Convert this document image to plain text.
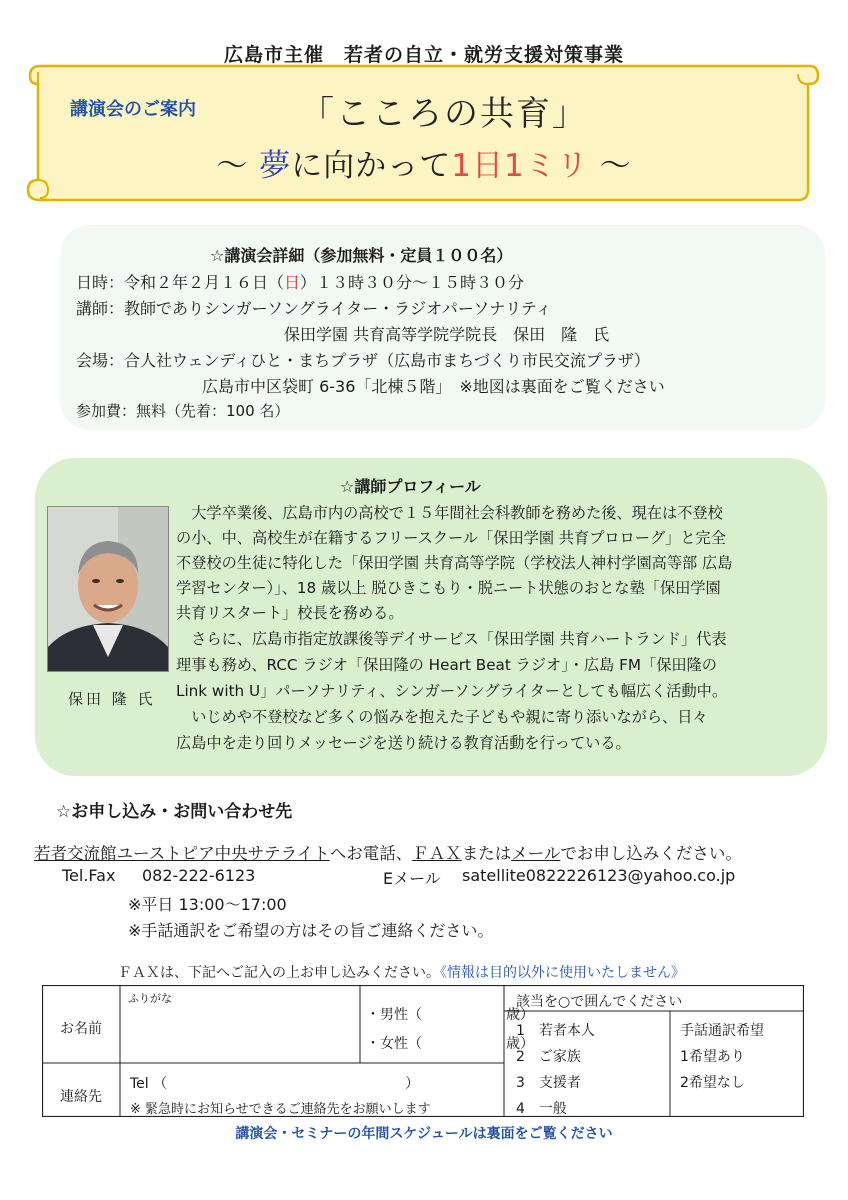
広島市主催　若者の自立・就労支援対策事業
講演会のご案内	「こころの共育」
〜 夢に向かって1日1ミリ 〜
☆講演会詳細（参加無料・定員１００名）
日時：令和２年２月１６日（日）１３時３０分〜１５時３０分
講師：教師でありシンガーソングライター・ラジオパーソナリティ
保田学園 共育高等学院学院長　保田　隆　氏
会場：合人社ウェンディひと・まちプラザ（広島市まちづくり市民交流プラザ）
広島市中区袋町 6-36「北棟５階」　※地図は裏面をご覧ください
参加費：無料（先着：100 名）
☆講師プロフィール
保田 隆 氏
　大学卒業後、広島市内の高校で１５年間社会科教師を務めた後、現在は不登校
の小、中、高校生が在籍するフリースクール「保田学園 共育プロローグ」と完全
不登校の生徒に特化した「保田学園 共育高等学院（学校法人神村学園高等部 広島
学習センター）」、18 歳以上 脱ひきこもり・脱ニート状態のおとな塾「保田学園
共育リスタート」校長を務める。
　さらに、広島市指定放課後等デイサービス「保田学園 共育ハートランド」代表
理事も務め、RCC ラジオ「保田隆の Heart Beat ラジオ」・広島 FM「保田隆の
Link with U」パーソナリティ、シンガーソングライターとしても幅広く活動中。
　いじめや不登校など多くの悩みを抱えた子どもや親に寄り添いながら、日々
広島中を走り回りメッセージを送り続ける教育活動を行っている。
☆お申し込み・お問い合わせ先
若者交流館ユーストピア中央サテライトへお電話、ＦＡＸまたはメールでお申し込みください。
Tel.Fax 082-222-6123	Eメール satellite0822226123@yahoo.co.jp
※平日 13:00〜17:00
※手話通訳をご希望の方はその旨ご連絡ください。
ＦＡＸは、下記へご記入の上お申し込みください。《情報は目的以外に使用いたしません》
お名前
ふりがな
・男性（　　　　　　歳）
・女性（　　　　　　歳）
連絡先
Tel （　　　　　　　　　　　　　　　　　）
※ 緊急時にお知らせできるご連絡先をお願いします
該当を○で囲んでください
1　若者本人
2　ご家族
3　支援者
4　一般
手話通訳希望
1希望あり
2希望なし
講演会・セミナーの年間スケジュールは裏面をご覧ください
